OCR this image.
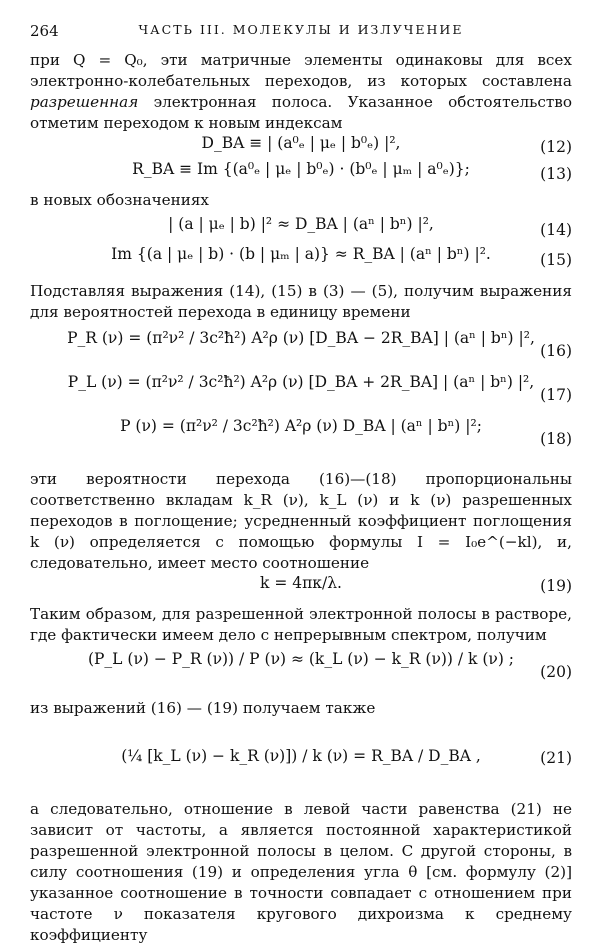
264	ЧАСТЬ III. МОЛЕКУЛЫ И ИЗЛУЧЕНИЕ

при Q = Q₀, эти матричные элементы одинаковы для всех электронно-колебательных переходов, из которых составлена разрешенная электронная полоса. Указанное обстоятельство отметим переходом к новым индексам

D_BA ≡ | (a⁰ₑ | μₑ | b⁰ₑ) |²,	(12)
R_BA ≡ Im {(a⁰ₑ | μₑ | b⁰ₑ) · (b⁰ₑ | μₘ | a⁰ₑ)};	(13)

в новых обозначениях

| (a | μₑ | b) |² ≈ D_BA | (aⁿ | bⁿ) |²,	(14)
Im {(a | μₑ | b) · (b | μₘ | a)} ≈ R_BA | (aⁿ | bⁿ) |².	(15)

Подставляя выражения (14), (15) в (3) — (5), получим выражения для вероятностей перехода в единицу времени

P_R (ν) = (π²ν² / 3c²ħ²) A²ρ (ν) [D_BA − 2R_BA] | (aⁿ | bⁿ) |²,
(16)
P_L (ν) = (π²ν² / 3c²ħ²) A²ρ (ν) [D_BA + 2R_BA] | (aⁿ | bⁿ) |²,
(17)
P (ν) = (π²ν² / 3c²ħ²) A²ρ (ν) D_BA | (aⁿ | bⁿ) |²;
(18)

эти вероятности перехода (16)—(18) пропорциональны соответственно вкладам k_R (ν), k_L (ν) и k (ν) разрешенных переходов в поглощение; усредненный коэффициент поглощения k (ν) определяется с помощью формулы I = I₀e^(−kl), и, следовательно, имеет место соотношение

k = 4πκ/λ.	(19)

Таким образом, для разрешенной электронной полосы в растворе, где фактически имеем дело с непрерывным спектром, получим

(P_L (ν) − P_R (ν)) / P (ν) ≈ (k_L (ν) − k_R (ν)) / k (ν) ;
(20)

из выражений (16) — (19) получаем также

(¼ [k_L (ν) − k_R (ν)]) / k (ν) = R_BA / D_BA ,	(21)

а следовательно, отношение в левой части равенства (21) не зависит от частоты, а является постоянной характеристикой разрешенной электронной полосы в целом. С другой стороны, в силу соотношения (19) и определения угла θ [см. формулу (2)] указанное соотношение в точности совпадает с отношением при частоте ν показателя кругового дихроизма к среднему коэффициенту
